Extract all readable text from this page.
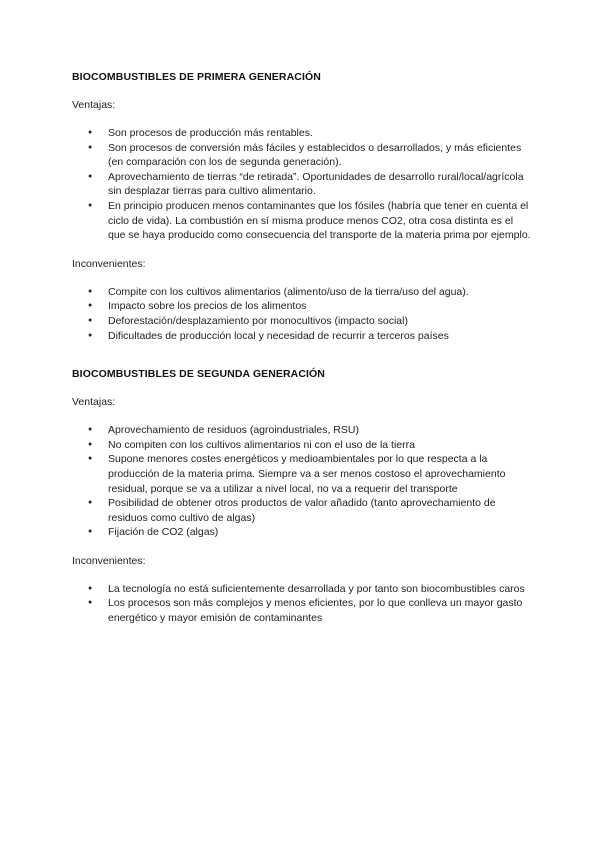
BIOCOMBUSTIBLES DE PRIMERA GENERACIÓN

Ventajas:

● Son procesos de producción más rentables.
● Son procesos de conversión más fáciles y establecidos o desarrollados, y más eficientes (en comparación con los de segunda generación).
● Aprovechamiento de tierras “de retirada”. Oportunidades de desarrollo rural/local/agrícola sin desplazar tierras para cultivo alimentario.
● En principio producen menos contaminantes que los fósiles (habría que tener en cuenta el ciclo de vida). La combustión en sí misma produce menos CO2, otra cosa distinta es el que se haya producido como consecuencia del transporte de la materia prima por ejemplo.

Inconvenientes:

● Compite con los cultivos alimentarios (alimento/uso de la tierra/uso del agua).
● Impacto sobre los precios de los alimentos
● Deforestación/desplazamiento por monocultivos (impacto social)
● Dificultades de producción local y necesidad de recurrir a terceros países
BIOCOMBUSTIBLES DE SEGUNDA GENERACIÓN

Ventajas:

● Aprovechamiento de residuos (agroindustriales, RSU)
● No compiten con los cultivos alimentarios ni con el uso de la tierra
● Supone menores costes energéticos y medioambientales por lo que respecta a la producción de la materia prima. Siempre va a ser menos costoso el aprovechamiento residual, porque se va a utilizar a nivel local, no va a requerir del transporte
● Posibilidad de obtener otros productos de valor añadido (tanto aprovechamiento de residuos como cultivo de algas)
● Fijación de CO2 (algas)

Inconvenientes:

● La tecnología no está suficientemente desarrollada y por tanto son biocombustibles caros
● Los procesos son más complejos y menos eficientes, por lo que conlleva un mayor gasto energético y mayor emisión de contaminantes
